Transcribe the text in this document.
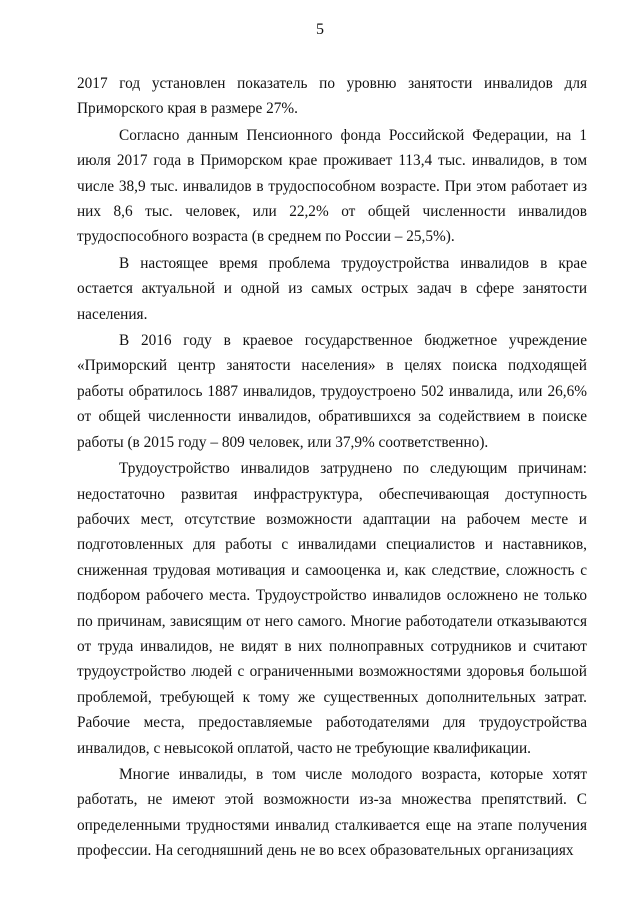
5

2017 год установлен показатель по уровню занятости инвалидов для Приморского края в размере 27%.

Согласно данным Пенсионного фонда Российской Федерации, на 1 июля 2017 года в Приморском крае проживает 113,4 тыс. инвалидов, в том числе 38,9 тыс. инвалидов в трудоспособном возрасте. При этом работает из них 8,6 тыс. человек, или 22,2% от общей численности инвалидов трудоспособного возраста (в среднем по России – 25,5%).

В настоящее время проблема трудоустройства инвалидов в крае остается актуальной и одной из самых острых задач в сфере занятости населения.

В 2016 году в краевое государственное бюджетное учреждение «Приморский центр занятости населения» в целях поиска подходящей работы обратилось 1887 инвалидов, трудоустроено 502 инвалида, или 26,6% от общей численности инвалидов, обратившихся за содействием в поиске работы (в 2015 году – 809 человек, или 37,9% соответственно).

Трудоустройство инвалидов затруднено по следующим причинам: недостаточно развитая инфраструктура, обеспечивающая доступность рабочих мест, отсутствие возможности адаптации на рабочем месте и подготовленных для работы с инвалидами специалистов и наставников, сниженная трудовая мотивация и самооценка и, как следствие, сложность с подбором рабочего места. Трудоустройство инвалидов осложнено не только по причинам, зависящим от него самого. Многие работодатели отказываются от труда инвалидов, не видят в них полноправных сотрудников и считают трудоустройство людей с ограниченными возможностями здоровья большой проблемой, требующей к тому же существенных дополнительных затрат. Рабочие места, предоставляемые работодателями для трудоустройства инвалидов, с невысокой оплатой, часто не требующие квалификации.

Многие инвалиды, в том числе молодого возраста, которые хотят работать, не имеют этой возможности из-за множества препятствий. С определенными трудностями инвалид сталкивается еще на этапе получения профессии. На сегодняшний день не во всех образовательных организациях
